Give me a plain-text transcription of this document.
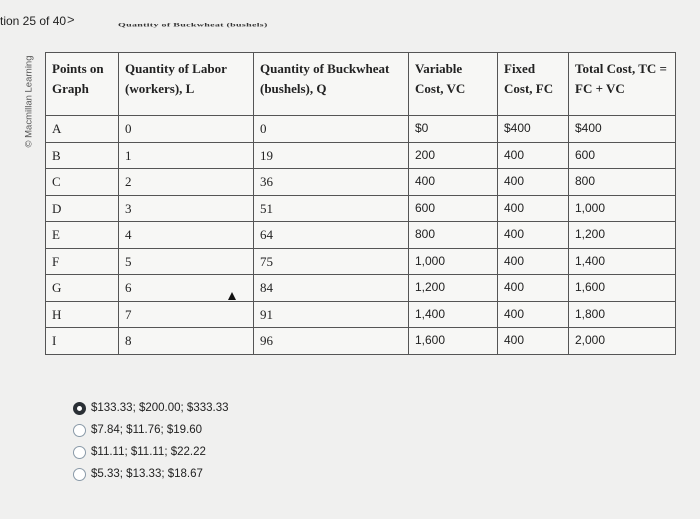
tion 25 of 40 >	Quantity of Buckwheat (bushels)
© Macmillan Learning Points on Graph	Quantity of Labor (workers), L	Quantity of Buckwheat (bushels), Q	Variable Cost, VC	Fixed Cost, FC	Total Cost, TC = FC + VC
A	0	0	$0	$400	$400
B	1	19	200	400	600
C	2	36	400	400	800
D	3	51	600	400	1,000
E	4	64	800	400	1,200
F	5	75	1,000	400	1,400
G	6	84	1,200	400	1,600
H	7	91	1,400	400	1,800
I	8	96	1,600	400	2,000
$133.33; $200.00; $333.33
$7.84; $11.76; $19.60
$11.11; $11.11; $22.22
$5.33; $13.33; $18.67
